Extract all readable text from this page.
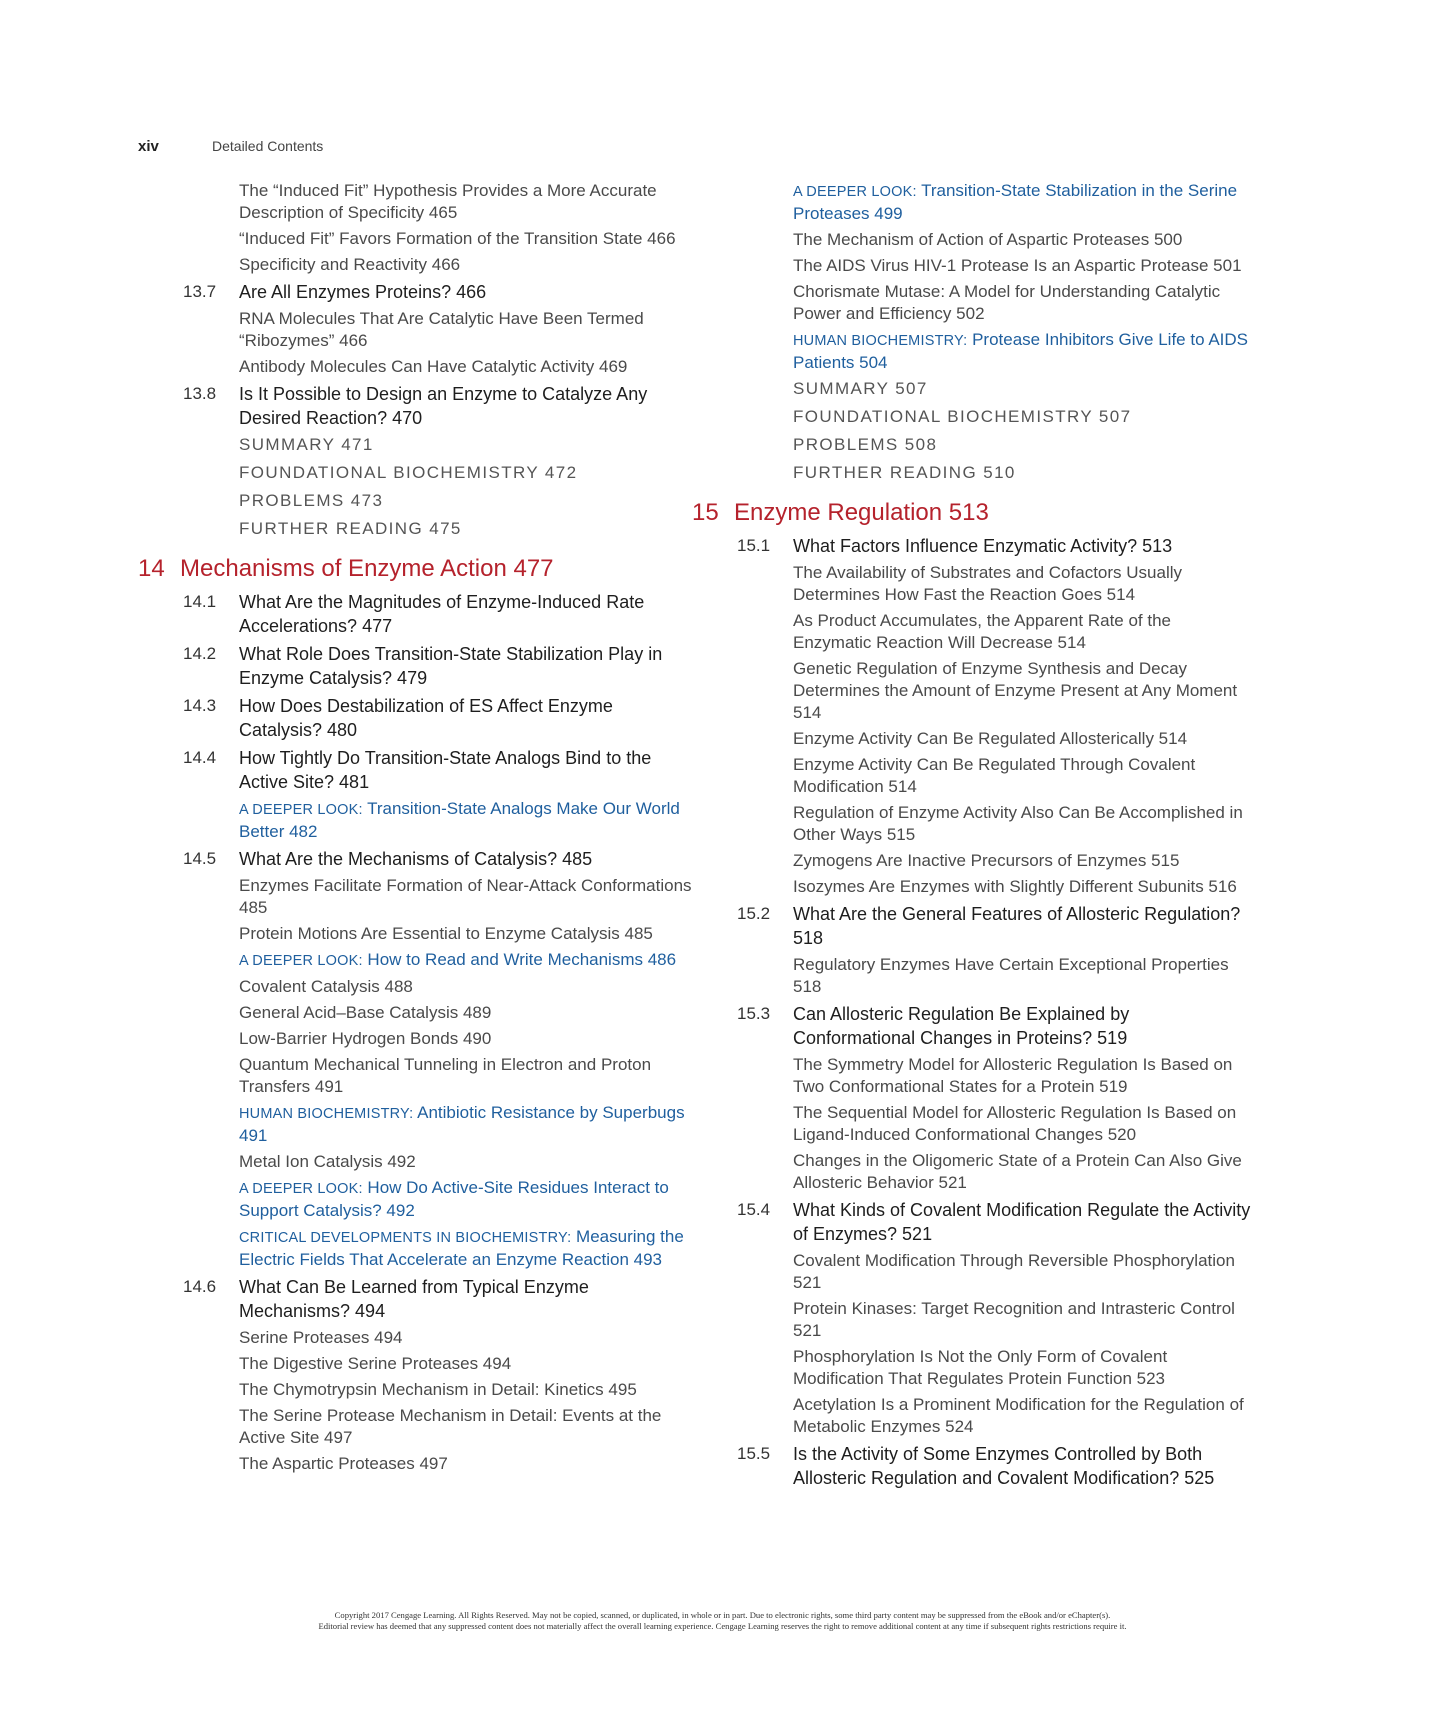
xiv	Detailed Contents
The “Induced Fit” Hypothesis Provides a More Accurate Description of Specificity 465
“Induced Fit” Favors Formation of the Transition State 466
Specificity and Reactivity 466
13.7 Are All Enzymes Proteins? 466
RNA Molecules That Are Catalytic Have Been Termed “Ribozymes” 466
Antibody Molecules Can Have Catalytic Activity 469
13.8 Is It Possible to Design an Enzyme to Catalyze Any Desired Reaction? 470
SUMMARY 471
FOUNDATIONAL BIOCHEMISTRY 472
PROBLEMS 473
FURTHER READING 475
14 Mechanisms of Enzyme Action 477
14.1 What Are the Magnitudes of Enzyme-Induced Rate Accelerations? 477
14.2 What Role Does Transition-State Stabilization Play in Enzyme Catalysis? 479
14.3 How Does Destabilization of ES Affect Enzyme Catalysis? 480
14.4 How Tightly Do Transition-State Analogs Bind to the Active Site? 481
A DEEPER LOOK: Transition-State Analogs Make Our World Better 482
14.5 What Are the Mechanisms of Catalysis? 485
Enzymes Facilitate Formation of Near-Attack Conformations 485
Protein Motions Are Essential to Enzyme Catalysis 485
A DEEPER LOOK: How to Read and Write Mechanisms 486
Covalent Catalysis 488
General Acid–Base Catalysis 489
Low-Barrier Hydrogen Bonds 490
Quantum Mechanical Tunneling in Electron and Proton Transfers 491
HUMAN BIOCHEMISTRY: Antibiotic Resistance by Superbugs 491
Metal Ion Catalysis 492
A DEEPER LOOK: How Do Active-Site Residues Interact to Support Catalysis? 492
CRITICAL DEVELOPMENTS IN BIOCHEMISTRY: Measuring the Electric Fields That Accelerate an Enzyme Reaction 493
14.6 What Can Be Learned from Typical Enzyme Mechanisms? 494
Serine Proteases 494
The Digestive Serine Proteases 494
The Chymotrypsin Mechanism in Detail: Kinetics 495
The Serine Protease Mechanism in Detail: Events at the Active Site 497
The Aspartic Proteases 497
A DEEPER LOOK: Transition-State Stabilization in the Serine Proteases 499
The Mechanism of Action of Aspartic Proteases 500
The AIDS Virus HIV-1 Protease Is an Aspartic Protease 501
Chorismate Mutase: A Model for Understanding Catalytic Power and Efficiency 502
HUMAN BIOCHEMISTRY: Protease Inhibitors Give Life to AIDS Patients 504
SUMMARY 507
FOUNDATIONAL BIOCHEMISTRY 507
PROBLEMS 508
FURTHER READING 510
15 Enzyme Regulation 513
15.1 What Factors Influence Enzymatic Activity? 513
The Availability of Substrates and Cofactors Usually Determines How Fast the Reaction Goes 514
As Product Accumulates, the Apparent Rate of the Enzymatic Reaction Will Decrease 514
Genetic Regulation of Enzyme Synthesis and Decay Determines the Amount of Enzyme Present at Any Moment 514
Enzyme Activity Can Be Regulated Allosterically 514
Enzyme Activity Can Be Regulated Through Covalent Modification 514
Regulation of Enzyme Activity Also Can Be Accomplished in Other Ways 515
Zymogens Are Inactive Precursors of Enzymes 515
Isozymes Are Enzymes with Slightly Different Subunits 516
15.2 What Are the General Features of Allosteric Regulation? 518
Regulatory Enzymes Have Certain Exceptional Properties 518
15.3 Can Allosteric Regulation Be Explained by Conformational Changes in Proteins? 519
The Symmetry Model for Allosteric Regulation Is Based on Two Conformational States for a Protein 519
The Sequential Model for Allosteric Regulation Is Based on Ligand-Induced Conformational Changes 520
Changes in the Oligomeric State of a Protein Can Also Give Allosteric Behavior 521
15.4 What Kinds of Covalent Modification Regulate the Activity of Enzymes? 521
Covalent Modification Through Reversible Phosphorylation 521
Protein Kinases: Target Recognition and Intrasteric Control 521
Phosphorylation Is Not the Only Form of Covalent Modification That Regulates Protein Function 523
Acetylation Is a Prominent Modification for the Regulation of Metabolic Enzymes 524
15.5 Is the Activity of Some Enzymes Controlled by Both Allosteric Regulation and Covalent Modification? 525
Copyright 2017 Cengage Learning. All Rights Reserved. May not be copied, scanned, or duplicated, in whole or in part. Due to electronic rights, some third party content may be suppressed from the eBook and/or eChapter(s).
Editorial review has deemed that any suppressed content does not materially affect the overall learning experience. Cengage Learning reserves the right to remove additional content at any time if subsequent rights restrictions require it.
